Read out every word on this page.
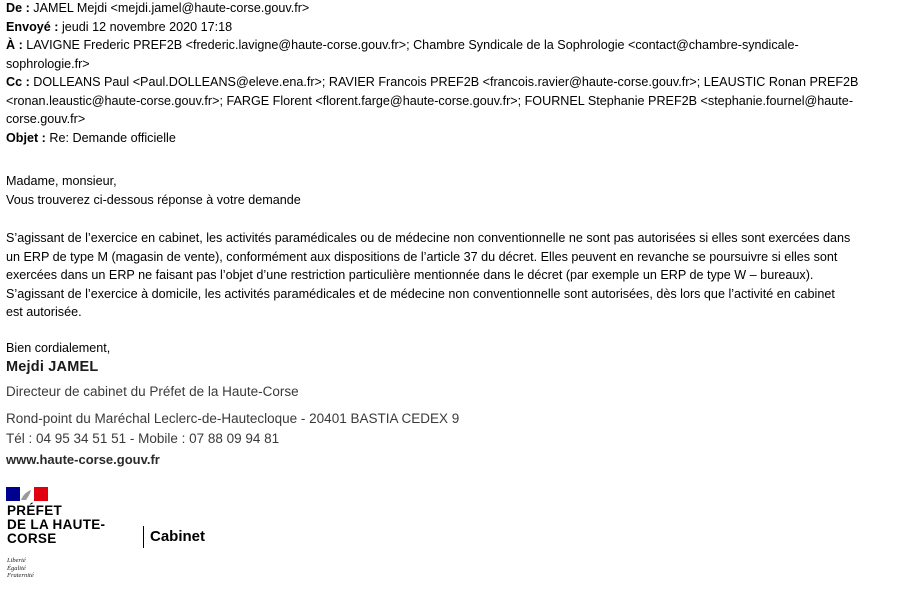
De : JAMEL Mejdi <mejdi.jamel@haute-corse.gouv.fr>

Envoyé : jeudi 12 novembre 2020 17:18

À : LAVIGNE Frederic PREF2B <frederic.lavigne@haute-corse.gouv.fr>; Chambre Syndicale de la Sophrologie <contact@chambre-syndicale-

sophrologie.fr>

Cc : DOLLEANS Paul <Paul.DOLLEANS@eleve.ena.fr>; RAVIER Francois PREF2B <francois.ravier@haute-corse.gouv.fr>; LEAUSTIC Ronan PREF2B

<ronan.leaustic@haute-corse.gouv.fr>; FARGE Florent <florent.farge@haute-corse.gouv.fr>; FOURNEL Stephanie PREF2B <stephanie.fournel@haute-

corse.gouv.fr>

Objet : Re: Demande officielle

Madame, monsieur,

Vous trouverez ci-dessous réponse à votre demande

S’agissant de l’exercice en cabinet, les activités paramédicales ou de médecine non conventionnelle ne sont pas autorisées si elles sont exercées dans

un ERP de type M (magasin de vente), conformément aux dispositions de l’article 37 du décret. Elles peuvent en revanche se poursuivre si elles sont

exercées dans un ERP ne faisant pas l’objet d’une restriction particulière mentionnée dans le décret (par exemple un ERP de type W – bureaux).

S’agissant de l’exercice à domicile, les activités paramédicales et de médecine non conventionnelle sont autorisées, dès lors que l’activité en cabinet

est autorisée.

Bien cordialement,

Mejdi JAMEL
Directeur de cabinet du Préfet de la Haute-Corse
Rond-point du Maréchal Leclerc-de-Hautecloque - 20401 BASTIA CEDEX 9
Tél : 04 95 34 51 51 - Mobile : 07 88 09 94 81
www.haute-corse.gouv.fr
PRÉFET
DE LA HAUTE-
CORSE
Liberté
Égalité
Fraternité
Cabinet
